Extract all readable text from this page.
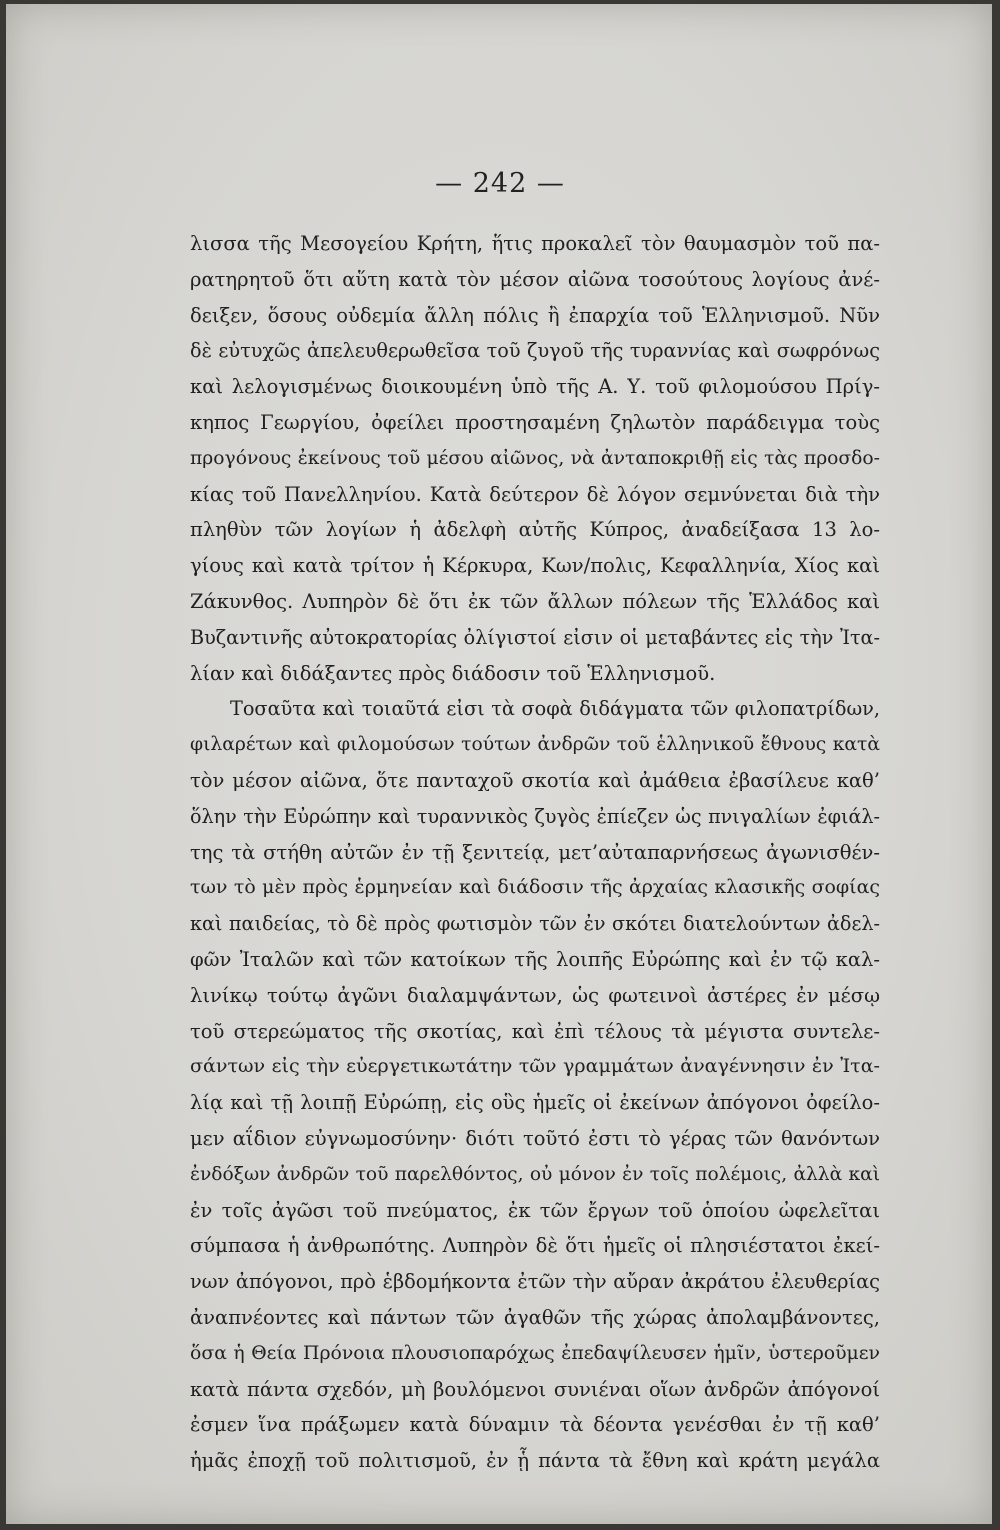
— 242 —
λισσα τῆς Μεσογείου Κρήτη, ἥτις προκαλεῖ τὸν θαυμασμὸν τοῦ πα-
ρατηρητοῦ ὅτι αὕτη κατὰ τὸν μέσον αἰῶνα τοσούτους λογίους ἀνέ-
δειξεν, ὅσους οὐδεμία ἄλλη πόλις ἢ ἐπαρχία τοῦ Ἑλληνισμοῦ. Νῦν
δὲ εὐτυχῶς ἀπελευθερωθεῖσα τοῦ ζυγοῦ τῆς τυραννίας καὶ σωφρόνως
καὶ λελογισμένως διοικουμένη ὑπὸ τῆς Α. Υ. τοῦ φιλομούσου Πρίγ-
κηπος Γεωργίου, ὀφείλει προστησαμένη ζηλωτὸν παράδειγμα τοὺς
προγόνους ἐκείνους τοῦ μέσου αἰῶνος, νὰ ἀνταποκριθῇ εἰς τὰς προσδο-
κίας τοῦ Πανελληνίου. Κατὰ δεύτερον δὲ λόγον σεμνύνεται διὰ τὴν
πληθὺν τῶν λογίων ἡ ἀδελφὴ αὐτῆς Κύπρος, ἀναδείξασα 13 λο-
γίους καὶ κατὰ τρίτον ἡ Κέρκυρα, Κων/πολις, Κεφαλληνία, Χίος καὶ
Ζάκυνθος. Λυπηρὸν δὲ ὅτι ἐκ τῶν ἄλλων πόλεων τῆς Ἑλλάδος καὶ
Βυζαντινῆς αὐτοκρατορίας ὀλίγιστοί εἰσιν οἱ μεταβάντες εἰς τὴν Ἰτα-
λίαν καὶ διδάξαντες πρὸς διάδοσιν τοῦ Ἑλληνισμοῦ.
Τοσαῦτα καὶ τοιαῦτά εἰσι τὰ σοφὰ διδάγματα τῶν φιλοπατρίδων,
φιλαρέτων καὶ φιλομούσων τούτων ἀνδρῶν τοῦ ἑλληνικοῦ ἔθνους κατὰ
τὸν μέσον αἰῶνα, ὅτε πανταχοῦ σκοτία καὶ ἀμάθεια ἐβασίλευε καθ’
ὅλην τὴν Εὐρώπην καὶ τυραννικὸς ζυγὸς ἐπίεζεν ὡς πνιγαλίων ἐφιάλ-
της τὰ στήθη αὐτῶν ἐν τῇ ξενιτείᾳ, μετ’αὐταπαρνήσεως ἀγωνισθέν-
των τὸ μὲν πρὸς ἑρμηνείαν καὶ διάδοσιν τῆς ἀρχαίας κλασικῆς σοφίας
καὶ παιδείας, τὸ δὲ πρὸς φωτισμὸν τῶν ἐν σκότει διατελούντων ἀδελ-
φῶν Ἰταλῶν καὶ τῶν κατοίκων τῆς λοιπῆς Εὐρώπης καὶ ἐν τῷ καλ-
λινίκῳ τούτῳ ἀγῶνι διαλαμψάντων, ὡς φωτεινοὶ ἀστέρες ἐν μέσῳ
τοῦ στερεώματος τῆς σκοτίας, καὶ ἐπὶ τέλους τὰ μέγιστα συντελε-
σάντων εἰς τὴν εὐεργετικωτάτην τῶν γραμμάτων ἀναγέννησιν ἐν Ἰτα-
λίᾳ καὶ τῇ λοιπῇ Εὐρώπῃ, εἰς οὓς ἡμεῖς οἱ ἐκείνων ἀπόγονοι ὀφείλο-
μεν αΐδιον εὐγνωμοσύνην· διότι τοῦτό ἐστι τὸ γέρας τῶν θανόντων
ἐνδόξων ἀνδρῶν τοῦ παρελθόντος, οὐ μόνον ἐν τοῖς πολέμοις, ἀλλὰ καὶ
ἐν τοῖς ἀγῶσι τοῦ πνεύματος, ἐκ τῶν ἔργων τοῦ ὁποίου ὠφελεῖται
σύμπασα ἡ ἀνθρωπότης. Λυπηρὸν δὲ ὅτι ἡμεῖς οἱ πλησιέστατοι ἐκεί-
νων ἀπόγονοι, πρὸ ἑβδομήκοντα ἐτῶν τὴν αὔραν ἀκράτου ἐλευθερίας
ἀναπνέοντες καὶ πάντων τῶν ἀγαθῶν τῆς χώρας ἀπολαμβάνοντες,
ὅσα ἡ Θεία Πρόνοια πλουσιοπαρόχως ἐπεδαψίλευσεν ἡμῖν, ὑστεροῦμεν
κατὰ πάντα σχεδόν, μὴ βουλόμενοι συνιέναι οἵων ἀνδρῶν ἀπόγονοί
ἐσμεν ἵνα πράξωμεν κατὰ δύναμιν τὰ δέοντα γενέσθαι ἐν τῇ καθ’
ἡμᾶς ἐποχῇ τοῦ πολιτισμοῦ, ἐν ᾗ πάντα τὰ ἔθνη καὶ κράτη μεγάλα
